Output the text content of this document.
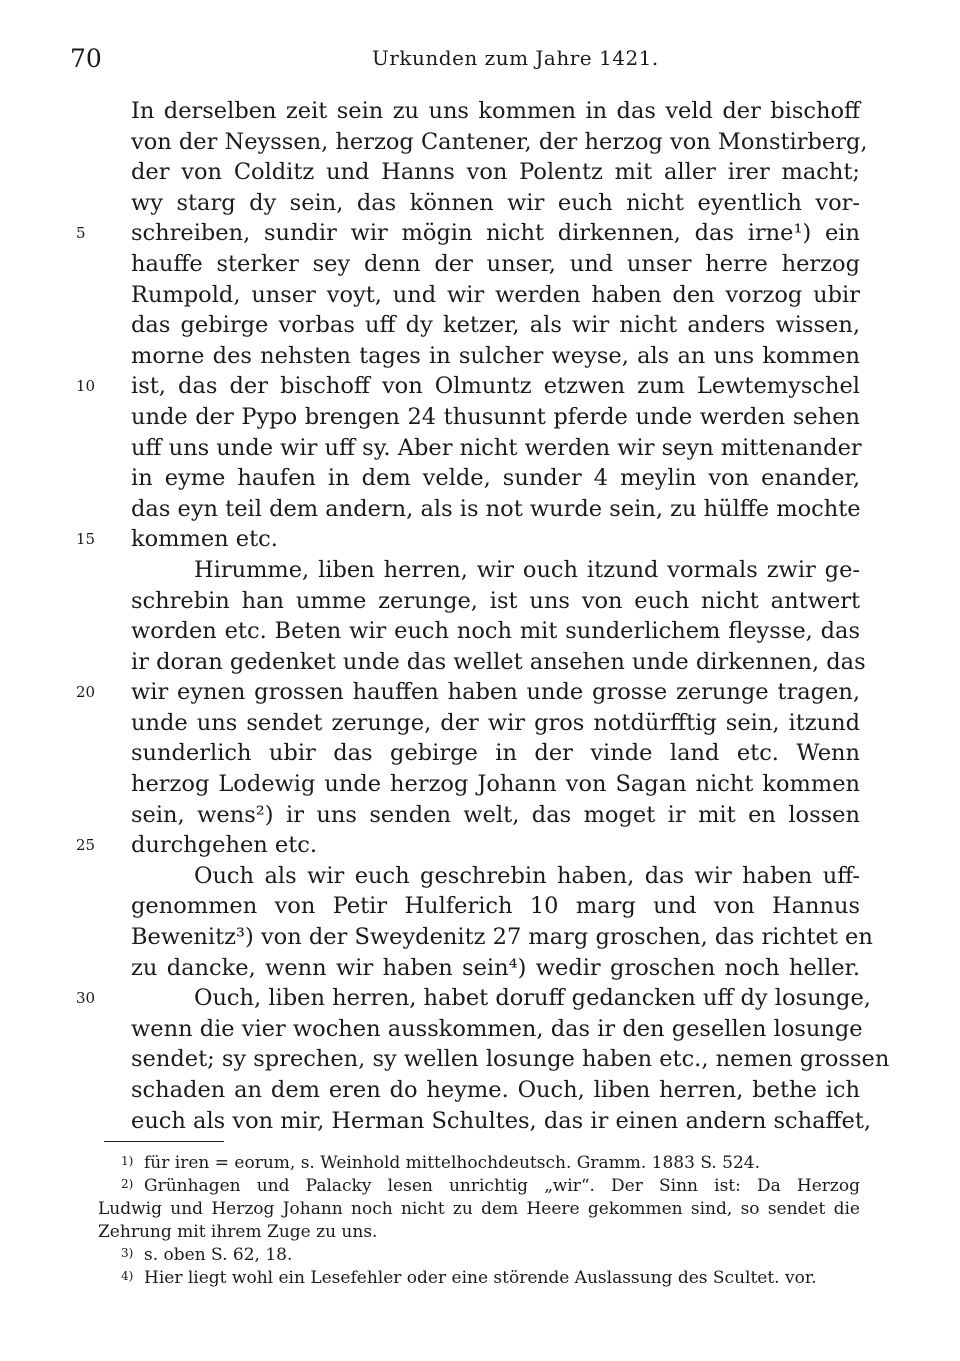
70	Urkunden zum Jahre 1421.
In derselben zeit sein zu uns kommen in das veld der bischoff
von der Neyssen, herzog Cantener, der herzog von Monstirberg,
der von Colditz und Hanns von Polentz mit aller irer macht;
wy starg dy sein, das können wir euch nicht eyentlich vor-
5 schreiben, sundir wir mögin nicht dirkennen, das irne¹) ein
hauffe sterker sey denn der unser, und unser herre herzog
Rumpold, unser voyt, und wir werden haben den vorzog ubir
das gebirge vorbas uff dy ketzer, als wir nicht anders wissen,
morne des nehsten tages in sulcher weyse, als an uns kommen
10 ist, das der bischoff von Olmuntz etzwen zum Lewtemyschel
unde der Pypo brengen 24 thusunnt pferde unde werden sehen
uff uns unde wir uff sy. Aber nicht werden wir seyn mittenander
in eyme haufen in dem velde, sunder 4 meylin von enander,
das eyn teil dem andern, als is not wurde sein, zu hülffe mochte
15 kommen etc.
Hirumme, liben herren, wir ouch itzund vormals zwir ge-
schrebin han umme zerunge, ist uns von euch nicht antwert
worden etc. Beten wir euch noch mit sunderlichem fleysse, das
ir doran gedenket unde das wellet ansehen unde dirkennen, das
20 wir eynen grossen hauffen haben unde grosse zerunge tragen,
unde uns sendet zerunge, der wir gros notdürfftig sein, itzund
sunderlich ubir das gebirge in der vinde land etc. Wenn
herzog Lodewig unde herzog Johann von Sagan nicht kommen
sein, wens²) ir uns senden welt, das moget ir mit en lossen
25 durchgehen etc.
Ouch als wir euch geschrebin haben, das wir haben uff-
genommen von Petir Hulferich 10 marg und von Hannus
Bewenitz³) von der Sweydenitz 27 marg groschen, das richtet en
zu dancke, wenn wir haben sein⁴) wedir groschen noch heller.
30	Ouch, liben herren, habet doruff gedancken uff dy losunge,
wenn die vier wochen ausskommen, das ir den gesellen losunge
sendet; sy sprechen, sy wellen losunge haben etc., nemen grossen
schaden an dem eren do heyme. Ouch, liben herren, bethe ich
euch als von mir, Herman Schultes, das ir einen andern schaffet,
1) für iren = eorum, s. Weinhold mittelhochdeutsch. Gramm. 1883 S. 524.
2) Grünhagen und Palacky lesen unrichtig „wir“. Der Sinn ist: Da Herzog
Ludwig und Herzog Johann noch nicht zu dem Heere gekommen sind, so sendet die
Zehrung mit ihrem Zuge zu uns.
3) s. oben S. 62, 18.
4) Hier liegt wohl ein Lesefehler oder eine störende Auslassung des Scultet. vor.
